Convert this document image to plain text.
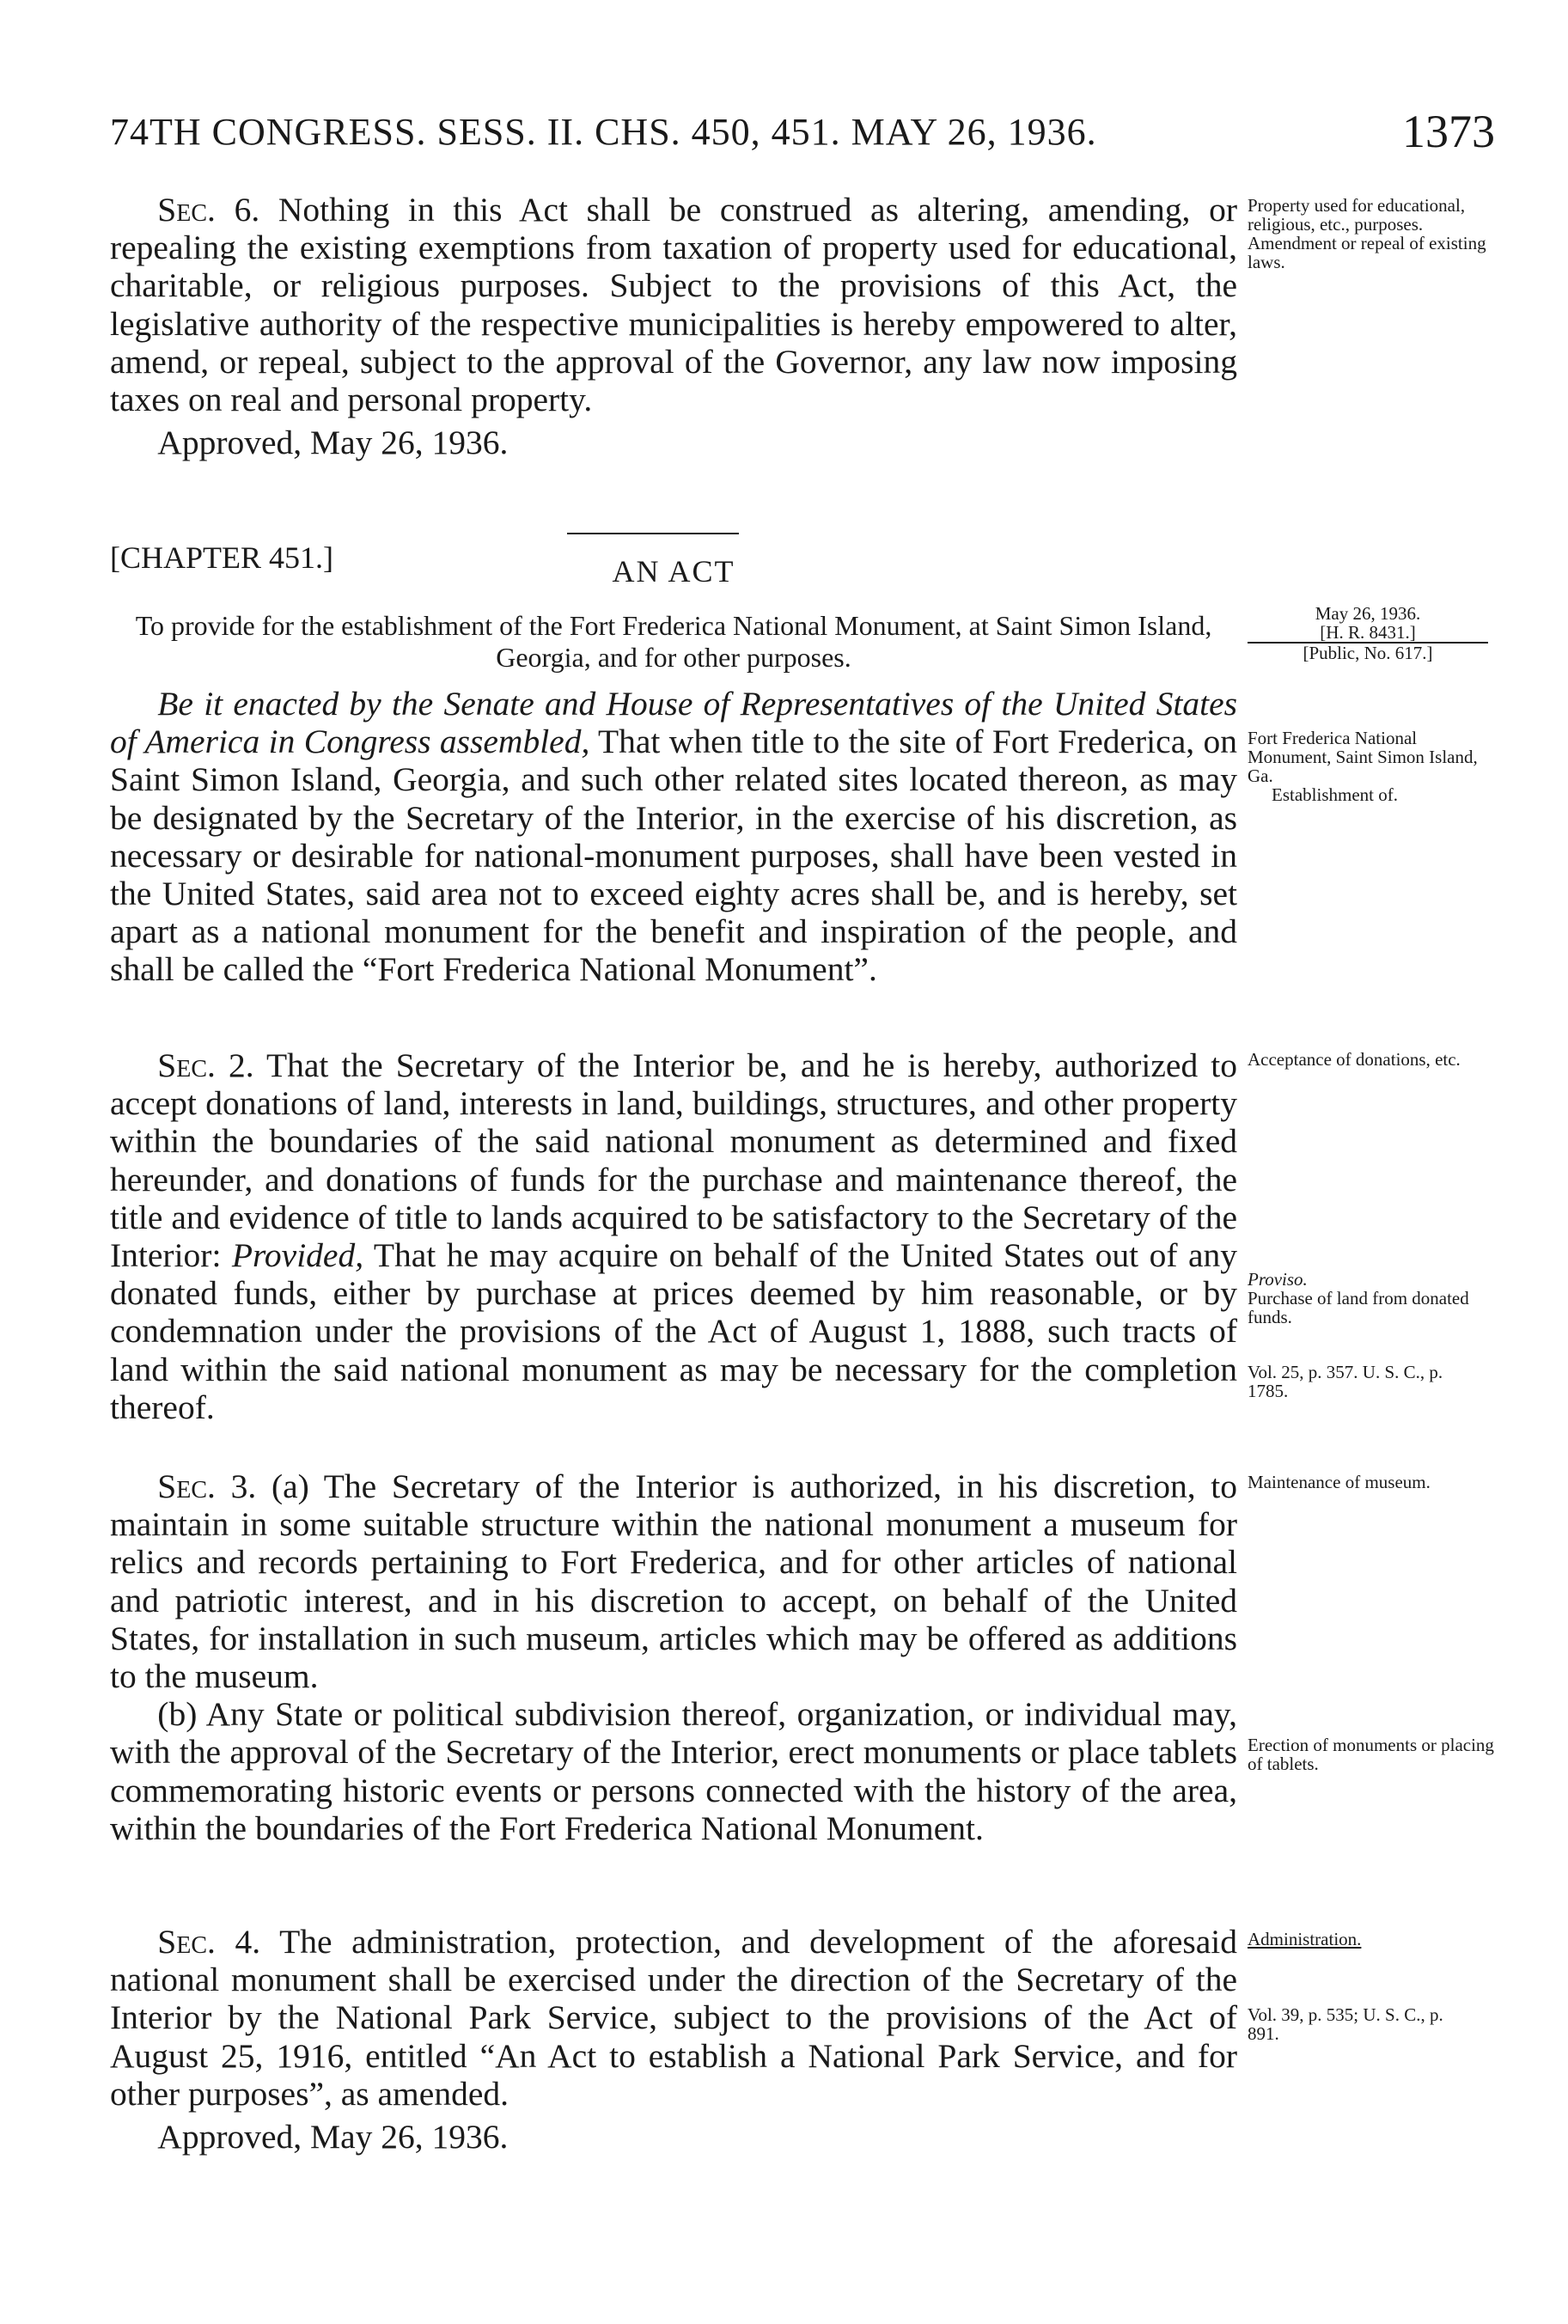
74TH CONGRESS. SESS. II. CHS. 450, 451. MAY 26, 1936.	1373

Sec. 6. Nothing in this Act shall be construed as altering, amending, or repealing the existing exemptions from taxation of property used for educational, charitable, or religious purposes. Subject to the provisions of this Act, the legislative authority of the respective municipalities is hereby empowered to alter, amend, or repeal, subject to the approval of the Governor, any law now imposing taxes on real and personal property.

Approved, May 26, 1936.

Property used for educational, religious, etc., purposes.
Amendment or repeal of existing laws.
[CHAPTER 451.]	AN ACT
To provide for the establishment of the Fort Frederica National Monument, at Saint Simon Island, Georgia, and for other purposes.
May 26, 1936.
[H. R. 8431.]
[Public, No. 617.]

Be it enacted by the Senate and House of Representatives of the United States of America in Congress assembled, That when title to the site of Fort Frederica, on Saint Simon Island, Georgia, and such other related sites located thereon, as may be designated by the Secretary of the Interior, in the exercise of his discretion, as necessary or desirable for national-monument purposes, shall have been vested in the United States, said area not to exceed eighty acres shall be, and is hereby, set apart as a national monument for the benefit and inspiration of the people, and shall be called the “Fort Frederica National Monument”.

Fort Frederica National Monument, Saint Simon Island, Ga.
Establishment of.

Sec. 2. That the Secretary of the Interior be, and he is hereby, authorized to accept donations of land, interests in land, buildings, structures, and other property within the boundaries of the said national monument as determined and fixed hereunder, and donations of funds for the purchase and maintenance thereof, the title and evidence of title to lands acquired to be satisfactory to the Secretary of the Interior: Provided, That he may acquire on behalf of the United States out of any donated funds, either by purchase at prices deemed by him reasonable, or by condemnation under the provisions of the Act of August 1, 1888, such tracts of land within the said national monument as may be necessary for the completion thereof.

Acceptance of donations, etc.
Proviso.
Purchase of land from donated funds.
Vol. 25, p. 357. U. S. C., p. 1785.

Sec. 3. (a) The Secretary of the Interior is authorized, in his discretion, to maintain in some suitable structure within the national monument a museum for relics and records pertaining to Fort Frederica, and for other articles of national and patriotic interest, and in his discretion to accept, on behalf of the United States, for installation in such museum, articles which may be offered as additions to the museum.

(b) Any State or political subdivision thereof, organization, or individual may, with the approval of the Secretary of the Interior, erect monuments or place tablets commemorating historic events or persons connected with the history of the area, within the boundaries of the Fort Frederica National Monument.

Maintenance of museum.
Erection of monuments or placing of tablets.

Sec. 4. The administration, protection, and development of the aforesaid national monument shall be exercised under the direction of the Secretary of the Interior by the National Park Service, subject to the provisions of the Act of August 25, 1916, entitled “An Act to establish a National Park Service, and for other purposes”, as amended.

Approved, May 26, 1936.

Administration.
Vol. 39, p. 535; U. S. C., p. 891.
